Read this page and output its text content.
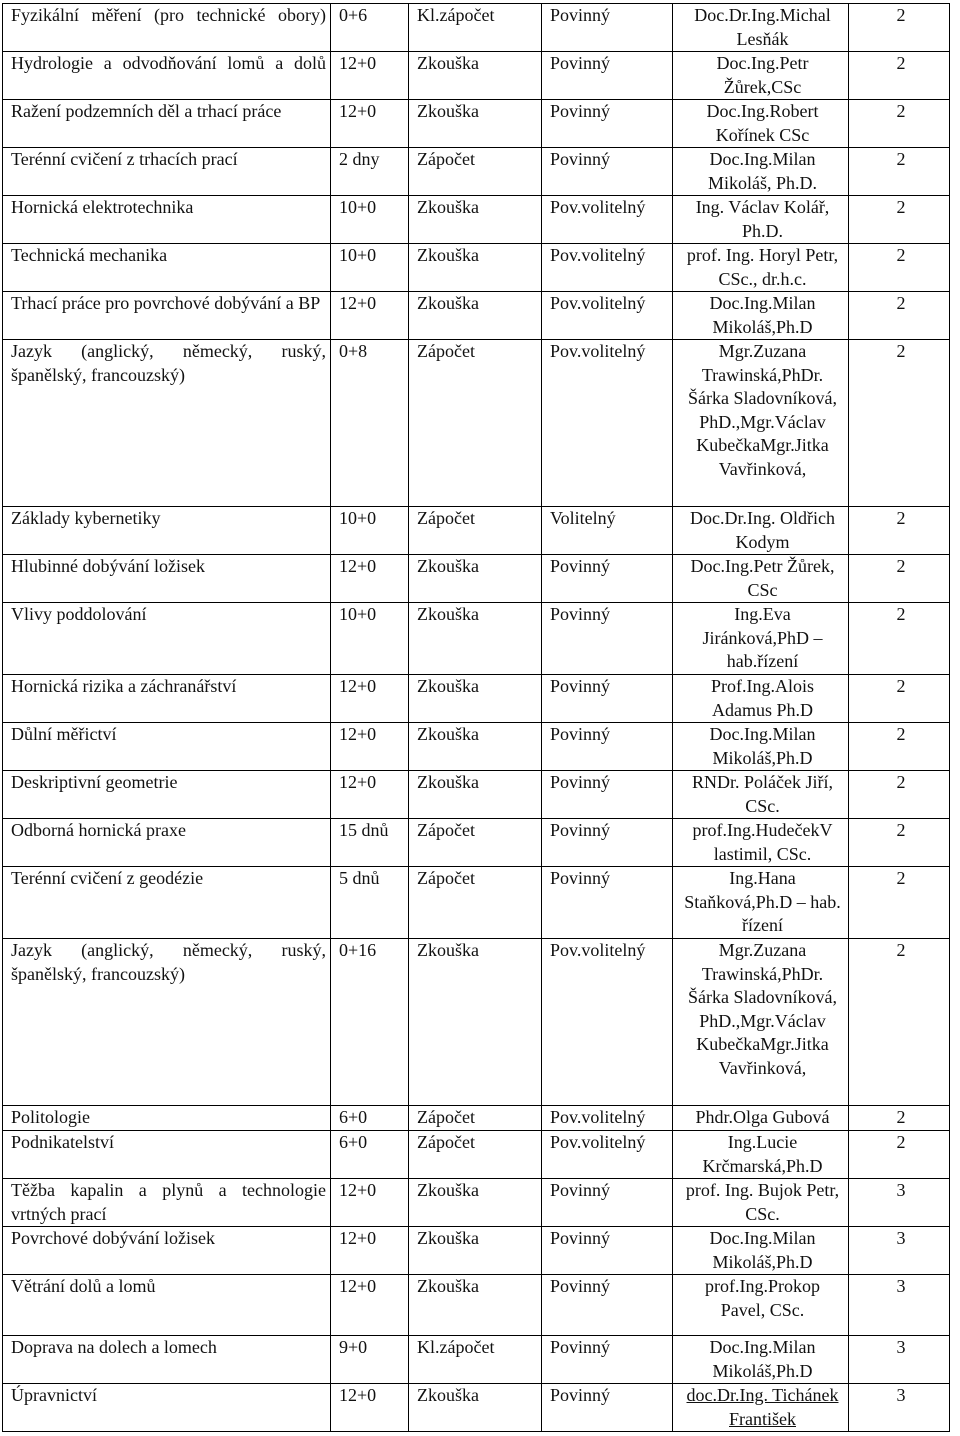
Fyzikální měření (pro technické obory)	0+6	Kl.zápočet	Povinný	Doc.Dr.Ing.Michal Lesňák	2
Hydrologie a odvodňování lomů a dolů	12+0	Zkouška	Povinný	Doc.Ing.Petr Žůrek,CSc	2
Ražení podzemních děl a trhací práce	12+0	Zkouška	Povinný	Doc.Ing.Robert Kořínek CSc	2
Terénní cvičení z trhacích prací	2 dny	Zápočet	Povinný	Doc.Ing.Milan Mikoláš, Ph.D.	2
Hornická elektrotechnika	10+0	Zkouška	Pov.volitelný	Ing. Václav Kolář, Ph.D.	2
Technická mechanika	10+0	Zkouška	Pov.volitelný	prof. Ing. Horyl Petr, CSc., dr.h.c.	2
Trhací práce pro povrchové dobývání a BP	12+0	Zkouška	Pov.volitelný	Doc.Ing.Milan Mikoláš,Ph.D	2
Jazyk (anglický, německý, ruský, španělský, francouzský)	0+8	Zápočet	Pov.volitelný	Mgr.Zuzana Trawinská,PhDr. Šárka Sladovníková, PhD.,Mgr.Václav KubečkaMgr.Jitka Vavřinková,	2
Základy kybernetiky	10+0	Zápočet	Volitelný	Doc.Dr.Ing. Oldřich Kodym	2
Hlubinné dobývání ložisek	12+0	Zkouška	Povinný	Doc.Ing.Petr Žůrek, CSc	2
Vlivy poddolování	10+0	Zkouška	Povinný	Ing.Eva Jiránková,PhD – hab.řízení	2
Hornická rizika a záchranářství	12+0	Zkouška	Povinný	Prof.Ing.Alois Adamus Ph.D	2
Důlní měřictví	12+0	Zkouška	Povinný	Doc.Ing.Milan Mikoláš,Ph.D	2
Deskriptivní geometrie	12+0	Zkouška	Povinný	RNDr. Poláček Jiří, CSc.	2
Odborná hornická praxe	15 dnů	Zápočet	Povinný	prof.Ing.HudečekV lastimil, CSc.	2
Terénní cvičení z geodézie	5 dnů	Zápočet	Povinný	Ing.Hana Staňková,Ph.D – hab. řízení	2
Jazyk (anglický, německý, ruský, španělský, francouzský)	0+16	Zkouška	Pov.volitelný	Mgr.Zuzana Trawinská,PhDr. Šárka Sladovníková, PhD.,Mgr.Václav KubečkaMgr.Jitka Vavřinková,	2
Politologie	6+0	Zápočet	Pov.volitelný	Phdr.Olga Gubová	2
Podnikatelství	6+0	Zápočet	Pov.volitelný	Ing.Lucie Krčmarská,Ph.D	2
Těžba kapalin a plynů a technologie vrtných prací	12+0	Zkouška	Povinný	prof. Ing. Bujok Petr, CSc.	3
Povrchové dobývání ložisek	12+0	Zkouška	Povinný	Doc.Ing.Milan Mikoláš,Ph.D	3
Větrání dolů a lomů	12+0	Zkouška	Povinný	prof.Ing.Prokop Pavel, CSc.	3
Doprava na dolech a lomech	9+0	Kl.zápočet	Povinný	Doc.Ing.Milan Mikoláš,Ph.D	3
Úpravnictví	12+0	Zkouška	Povinný	doc.Dr.Ing. Tichánek František	3
